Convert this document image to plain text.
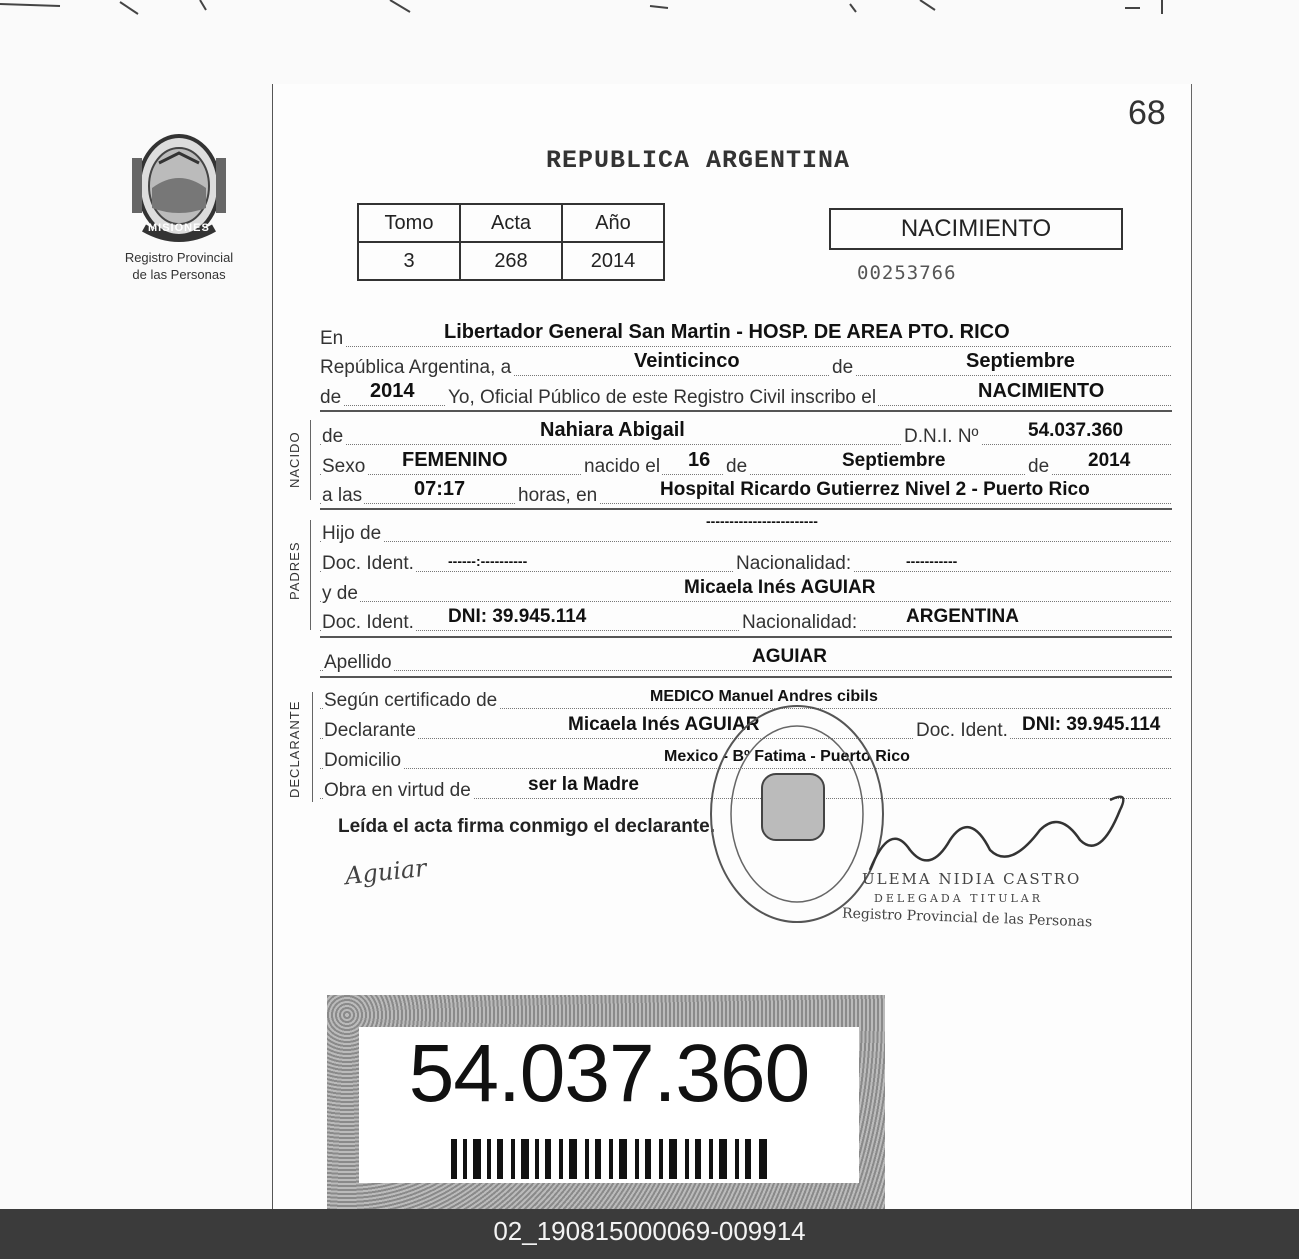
MISIONES
Registro Provincial
de las Personas
68
REPUBLICA ARGENTINA
Tomo	Acta	Año
3	268	2014
NACIMIENTO
00253766
En	Libertador General San Martin - HOSP. DE AREA PTO. RICO
República Argentina, a	Veinticinco	de	Septiembre
de 2014 Yo, Oficial Público de este Registro Civil inscribo el	NACIMIENTO
NACIDO de	Nahiara Abigail	D.N.I. Nº	54.037.360
Sexo FEMENINO	nacido el 16 de	Septiembre	de 2014
a las	07:17	horas, en	Hospital Ricardo Gutierrez Nivel 2 - Puerto Rico
PADRES
Hijo de
------------------------
Doc. Ident. ------:----------	Nacionalidad:	-----------
y de	Micaela Inés AGUIAR
Doc. Ident. DNI: 39.945.114	Nacionalidad:	ARGENTINA
Apellido	AGUIAR
DECLARANTE
Según certificado de	MEDICO Manuel Andres cibils
Declarante	Micaela Inés AGUIAR	Doc. Ident. DNI: 39.945.114
Domicilio	Mexico - Bº Fatima - Puerto Rico
Obra en virtud de	ser la Madre
Leída el acta firma conmigo el declarante.
Aguiar	ULEMA NIDIA CASTRO
DELEGADA TITULAR
Registro Provincial de las Personas
54.037.360
02_190815000069-009914
